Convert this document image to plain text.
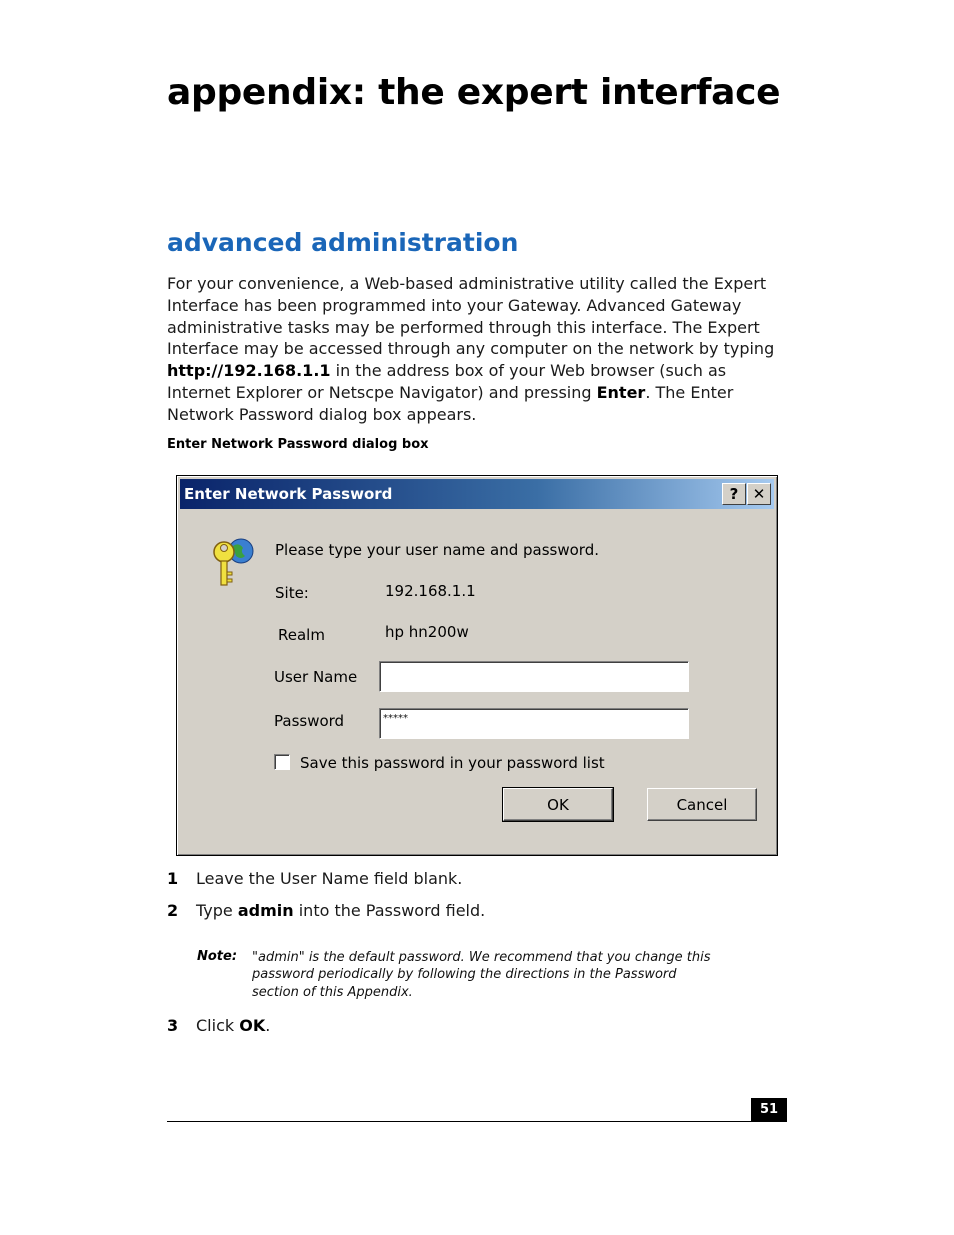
appendix: the expert interface
advanced administration

For your convenience, a Web-based administrative utility called the Expert Interface has been programmed into your Gateway. Advanced Gateway administrative tasks may be performed through this interface. The Expert Interface may be accessed through any computer on the network by typing http://192.168.1.1 in the address box of your Web browser (such as Internet Explorer or Netscpe Navigator) and pressing Enter. The Enter Network Password dialog box appears.

Enter Network Password dialog box
Enter Network Password	? ✕
Please type your user name and password.
Site:	192.168.1.1
Realm	hp hn200w
User Name
Password	*****
Save this password in your password list
OK	Cancel
1 Leave the User Name field blank.
2 Type admin into the Password field.
Note: "admin" is the default password. We recommend that you change this password periodically by following the directions in the Password section of this Appendix.

3 Click OK.
51
